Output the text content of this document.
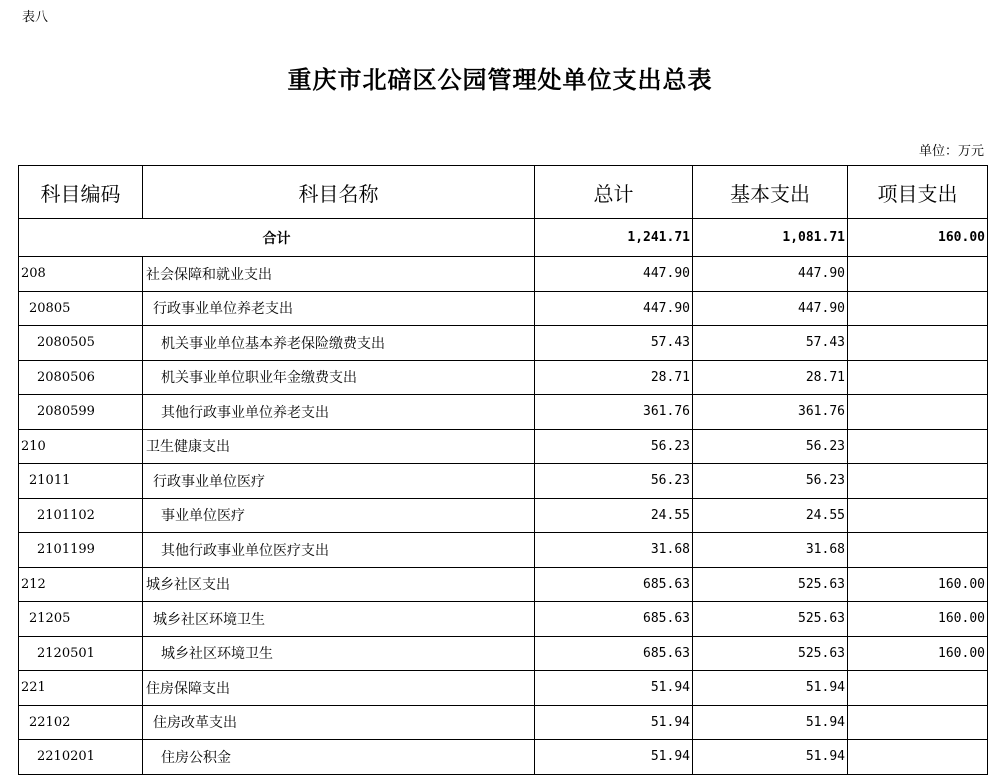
表八
重庆市北碚区公园管理处单位支出总表
单位：万元
科目编码	科目名称	总计	基本支出	项目支出
合计		1,241.71	1,081.71	160.00
208	社会保障和就业支出	447.90	447.90	
20805	行政事业单位养老支出	447.90	447.90	
2080505	机关事业单位基本养老保险缴费支出	57.43	57.43	
2080506	机关事业单位职业年金缴费支出	28.71	28.71	
2080599	其他行政事业单位养老支出	361.76	361.76	
210	卫生健康支出	56.23	56.23	
21011	行政事业单位医疗	56.23	56.23	
2101102	事业单位医疗	24.55	24.55	
2101199	其他行政事业单位医疗支出	31.68	31.68	
212	城乡社区支出	685.63	525.63	160.00
21205	城乡社区环境卫生	685.63	525.63	160.00
2120501	城乡社区环境卫生	685.63	525.63	160.00
221	住房保障支出	51.94	51.94	
22102	住房改革支出	51.94	51.94	
2210201	住房公积金	51.94	51.94	
